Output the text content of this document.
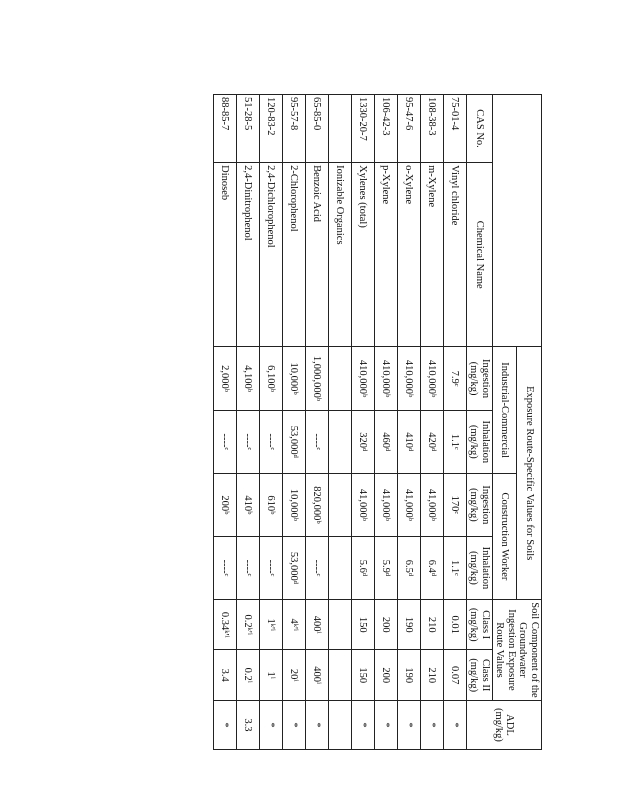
		Exposure Route-Specific Values for Soils				Soil Component of the Groundwater Ingestion Exposure Route Values		ADL (mg/kg)
		Industrial-Commercial		Construction Worker				
CAS No.	Chemical Name	Ingestion (mg/kg)	Inhalation (mg/kg)	Ingestion (mg/kg)	Inhalation (mg/kg)	Class I (mg/kg)	Class II (mg/kg)	
75-01-4	Vinyl chloride	7.9ᶜ	1.1ᶜ	170ᶜ	1.1ᶜ	0.01	0.07	*
108-38-3	m-Xylene	410,000ᵇ	420ᵈ	41,000ᵇ	6.4ᵈ	210	210	*
95-47-6	o-Xylene	410,000ᵇ	410ᵈ	41,000ᵇ	6.5ᵈ	190	190	*
106-42-3	p-Xylene	410,000ᵇ	460ᵈ	41,000ᵇ	5.9ᵈ	200	200	*
1330-20-7	Xylenes (total)	410,000ᵇ	320ᵈ	41,000ᵇ	5.6ᵈ	150	150	*
	Ionizable Organics							
65-85-0	Benzoic Acid	1,000,000ᵇ	----ᶜ	820,000ᵇ	----ᶜ	400ⁱ	400ⁱ	*
95-57-8	2-Chlorophenol	10,000ᵇ	53,000ᵈ	10,000ᵇ	53,000ᵈ	4ᵏ'ⁱ	20ⁱ	*
120-83-2	2,4-Dichlorophenol	6,100ᵇ	----ᶜ	610ᵇ	----ᶜ	1ᵏ'ⁱ	1ⁱ	*
51-28-5	2,4-Dinitrophenol	4,100ᵇ	----ᶜ	410ᵇ	----ᶜ	0.2ᵏ'ⁱ	0.2ⁱ	3.3
88-85-7	Dinoseb	2,000ᵇ	----ᶜ	200ᵇ	----ᶜ	0.34ᵏ'ⁱ	3.4	*
